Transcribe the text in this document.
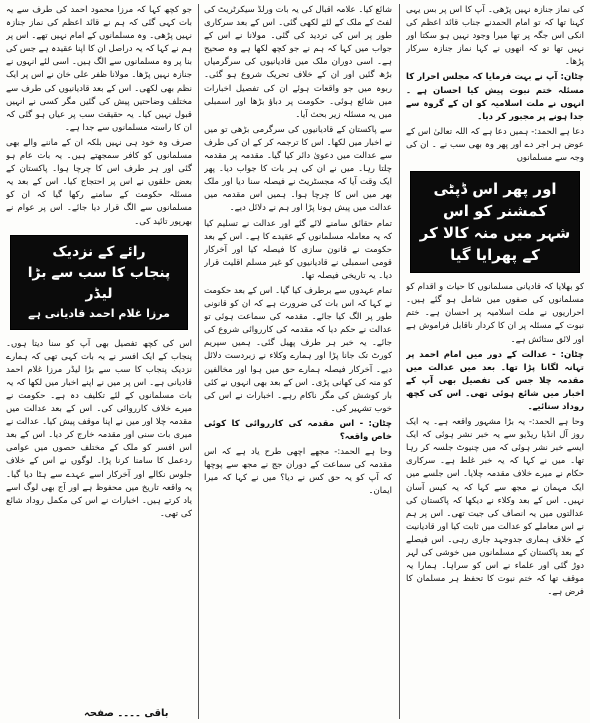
کی نماز جنازہ نہیں پڑھی۔ آپ کا اس پر بس یہی کہنا تھا کہ تو امام الحمدنے جناب قائد اعظم کی انکی اس جگہ پر تھا میرا وجود نہیں ہو سکتا اور نہیں تھا تو کہ انھوں نے کہا نماز جنازہ سرکار پڑھا۔

چٹان: آپ نے بہت فرمایا کہ مجلس احرار کا مسئلہ ختم نبوت پیش کیا احسان ہے ۔ انہوں نے ملت اسلامیہ کو ان کے گروہ سے جدا ہونے پر مجبور کر دیا۔

دعا ہے الحمد:- ہمیں دعا ہے کہ اللہ تعالیٰ اس کے عوض ہر اجر دے اور پھر وہ بھی سب نے ۔ ان کی وجہ سے مسلمانوں

اور پھر اس ڈپٹی کمشنر کو اس
شہر میں منہ کالا کر کے پھرایا گیا

کو بھلایا کہ قادیانی مسلمانوں کا حیات و اقدام کو مسلمانوں کی صفوں میں شامل ہو گئے ہیں۔ احراریوں نے ملت اسلامیہ پر احسان ہے۔ ختم نبوت کے مسئلہ پر ان کا کردار ناقابل فراموش ہے اور لائق ستائش ہے۔

چٹان: - عدالت کے دور میں امام احمد پر تہانہ لگانا پڑا تھا۔ بعد میں عدالت میں مقدمہ چلا جس کی تفصیل بھی آپ کے اخبار میں شائع ہوئی تھی۔ اس کی کچھ روداد سنائیے۔

وحا ہے الحمد:- یہ بڑا مشہور واقعہ ہے۔ یہ ایک روز آل انڈیا ریڈیو سے یہ خبر نشر ہوئی کہ ایک ایسے خبر نشر ہوئی کہ میں چنیوٹ جلسہ کر رہا تھا۔ میں نے کہا کہ یہ خبر غلط ہے۔ سرکاری حکام نے میرے خلاف مقدمہ چلایا۔ اس جلسے میں ایک مہمان نے مجھ سے کہا کہ یہ کیس آسان نہیں۔ اس کے بعد وکلاء نے دیکھا کہ پاکستان کی عدالتوں میں یہ انصاف کی جیت تھی۔ اس پر ہم نے اس معاملے کو عدالت میں ثابت کیا اور قادیانیت کے خلاف ہماری جدوجہد جاری رہی۔ اس فیصلے کے بعد پاکستان کے مسلمانوں میں خوشی کی لہر دوڑ گئی اور علماء نے اس کو سراہا۔ ہمارا یہ موقف تھا کہ ختم نبوت کا تحفظ ہر مسلمان کا فرض ہے۔

شائع کیا۔ علامہ اقبال کی یہ بات ورلڈ سیکرٹریٹ کی لفٹ کے ملک کے لئے لکھی گئی۔ اس کے بعد سرکاری طور پر اس کی تردید کی گئی۔ مولانا نے اس کے جواب میں کہا کہ ہم نے جو کچھ لکھا ہے وہ صحیح ہے۔ اسی دوران ملک میں قادیانیوں کی سرگرمیاں بڑھ گئیں اور ان کے خلاف تحریک شروع ہو گئی۔ ربوہ میں جو واقعات ہوئے ان کی تفصیل اخبارات میں شائع ہوئی۔ حکومت پر دباؤ بڑھا اور اسمبلی میں یہ مسئلہ زیر بحث آیا۔

سے پاکستان کے قادیانیوں کی سرگرمی بڑھی تو میں نے اخبار میں لکھا۔ اس کا ترجمہ کر کے ان کی طرف سے عدالت میں دعویٰ دائر کیا گیا۔ مقدمہ پر مقدمہ چلتا رہا۔ میں نے ان کی ہر بات کا جواب دیا۔ پھر ایک وقت آیا کہ مجسٹریٹ نے فیصلہ سنا دیا اور ملک بھر میں اس کا چرچا ہوا۔ ہمیں اس مقدمہ میں عدالت میں پیش ہونا پڑا اور ہم نے دلائل دیے۔

تمام حقائق سامنے لائے گئے اور عدالت نے تسلیم کیا کہ یہ معاملہ مسلمانوں کے عقیدے کا ہے۔ اس کے بعد حکومت نے قانون سازی کا فیصلہ کیا اور آخرکار قومی اسمبلی نے قادیانیوں کو غیر مسلم اقلیت قرار دیا۔ یہ تاریخی فیصلہ تھا۔

تمام عہدوں سے برطرف کیا گیا۔ اس کے بعد حکومت نے کہا کہ اس بات کی ضرورت ہے کہ ان کو قانونی طور پر الگ کیا جائے۔ مقدمہ کی سماعت ہوئی تو عدالت نے حکم دیا کہ مقدمہ کی کارروائی شروع کی جائے۔ یہ خبر ہر طرف پھیل گئی۔ ہمیں سپریم کورٹ تک جانا پڑا اور ہمارے وکلاء نے زبردست دلائل دیے۔ آخرکار فیصلہ ہمارے حق میں ہوا اور مخالفین کو منہ کی کھانی پڑی۔ اس کے بعد بھی انہوں نے کئی بار کوشش کی مگر ناکام رہے۔ اخبارات نے اس کی خوب تشہیر کی۔

چٹان: - اس مقدمہ کی کارروائی کا کوئی خاص واقعہ؟

وحا ہے الحمد:- مجھے اچھی طرح یاد ہے کہ اس مقدمہ کی سماعت کے دوران جج نے مجھ سے پوچھا کہ آپ کو یہ حق کس نے دیا؟ میں نے کہا کہ میرا ایمان۔

جو کچھ کہا کہ مرزا محمود احمد کی طرف سے یہ بات کہی گئی کہ ہم نے قائد اعظم کی نماز جنازہ نہیں پڑھی۔ وہ مسلمانوں کے امام نہیں تھے۔ اس پر ہم نے کہا کہ یہ دراصل ان کا اپنا عقیدہ ہے جس کی بنا پر وہ مسلمانوں سے الگ ہیں۔ اسی لئے انہوں نے جنازہ نہیں پڑھا۔ مولانا ظفر علی خان نے اس پر ایک نظم بھی لکھی۔ اس کے بعد قادیانیوں کی طرف سے مختلف وضاحتیں پیش کی گئیں مگر کسی نے انہیں قبول نہیں کیا۔ یہ حقیقت سب پر عیاں ہو گئی کہ ان کا راستہ مسلمانوں سے جدا ہے۔

صرف وہ خود ہی نہیں بلکہ ان کے ماننے والے بھی مسلمانوں کو کافر سمجھتے ہیں۔ یہ بات عام ہو گئی اور ہر طرف اس کا چرچا ہوا۔ پاکستان کے بعض حلقوں نے اس پر احتجاج کیا۔ اس کے بعد یہ مسئلہ حکومت کے سامنے رکھا گیا کہ ان کو مسلمانوں سے الگ قرار دیا جائے۔ اس پر عوام نے بھرپور تائید کی۔

رائے کے نزدیک
پنجاب کا سب سے بڑا لیڈر
مرزا غلام احمد قادیانی ہے

اس کی کچھ تفصیل بھی آپ کو سنا دیتا ہوں۔ پنجاب کے ایک افسر نے یہ بات کہی تھی کہ ہمارے نزدیک پنجاب کا سب سے بڑا لیڈر مرزا غلام احمد قادیانی ہے۔ اس پر میں نے اپنے اخبار میں لکھا کہ یہ بات مسلمانوں کے لئے تکلیف دہ ہے۔ حکومت نے میرے خلاف کارروائی کی۔ اس کے بعد عدالت میں مقدمہ چلا اور میں نے اپنا موقف پیش کیا۔ عدالت نے میری بات سنی اور مقدمہ خارج کر دیا۔ اس کے بعد اس افسر کو ملک کے مختلف حصوں میں عوامی ردعمل کا سامنا کرنا پڑا۔ لوگوں نے اس کے خلاف جلوس نکالے اور آخرکار اسے عہدے سے ہٹا دیا گیا۔ یہ واقعہ تاریخ میں محفوظ ہے اور آج بھی لوگ اسے یاد کرتے ہیں۔ اخبارات نے اس کی مکمل روداد شائع کی تھی۔

باقی ۔۔۔۔ صفحہ
